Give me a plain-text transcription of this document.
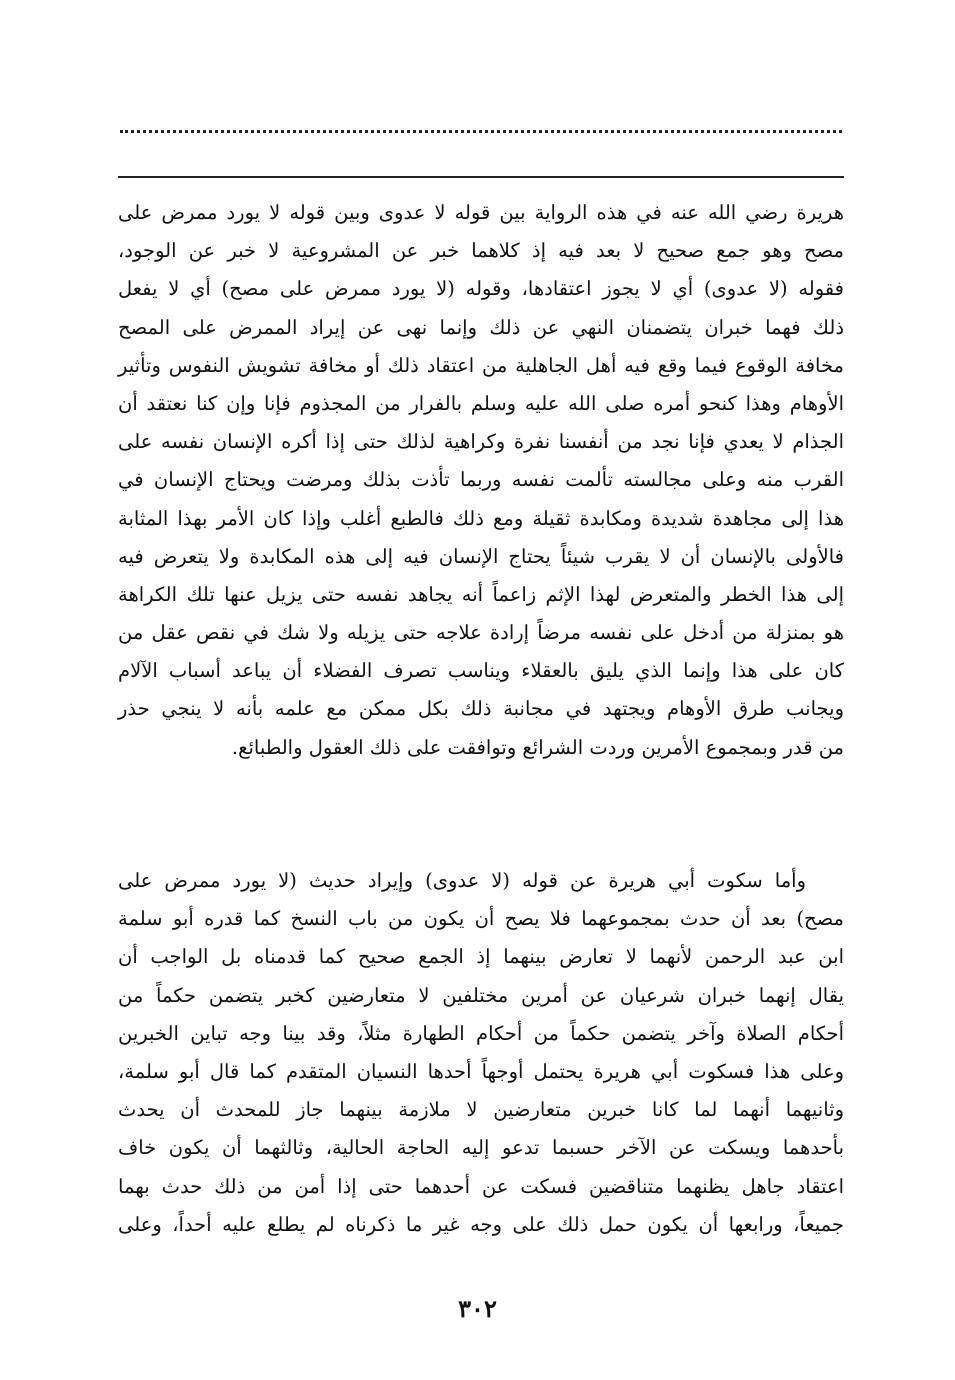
هريرة رضي الله عنه في هذه الرواية بين قوله لا عدوى وبين قوله لا يورد ممرض على
مصح وهو جمع صحيح لا بعد فيه إذ كلاهما خبر عن المشروعية لا خبر عن الوجود،
فقوله (لا عدوى) أي لا يجوز اعتقادها، وقوله (لا يورد ممرض على مصح) أي لا يفعل
ذلك فهما خبران يتضمنان النهي عن ذلك وإنما نهى عن إيراد الممرض على المصح
مخافة الوقوع فيما وقع فيه أهل الجاهلية من اعتقاد ذلك أو مخافة تشويش النفوس وتأثير
الأوهام وهذا كنحو أمره صلى الله عليه وسلم بالفرار من المجذوم فإنا وإن كنا نعتقد أن
الجذام لا يعدي فإنا نجد من أنفسنا نفرة وكراهية لذلك حتى إذا أكره الإنسان نفسه على
القرب منه وعلى مجالسته تألمت نفسه وربما تأذت بذلك ومرضت ويحتاج الإنسان في
هذا إلى مجاهدة شديدة ومكابدة ثقيلة ومع ذلك فالطبع أغلب وإذا كان الأمر بهذا المثابة
فالأولى بالإنسان أن لا يقرب شيئاً يحتاج الإنسان فيه إلى هذه المكابدة ولا يتعرض فيه
إلى هذا الخطر والمتعرض لهذا الإثم زاعماً أنه يجاهد نفسه حتى يزيل عنها تلك الكراهة
هو بمنزلة من أدخل على نفسه مرضاً إرادة علاجه حتى يزيله ولا شك في نقص عقل من
كان على هذا وإنما الذي يليق بالعقلاء ويناسب تصرف الفضلاء أن يباعد أسباب الآلام
ويجانب طرق الأوهام ويجتهد في مجانبة ذلك بكل ممكن مع علمه بأنه لا ينجي حذر
من قدر وبمجموع الأمرين وردت الشرائع وتوافقت على ذلك العقول والطبائع.
وأما سكوت أبي هريرة عن قوله (لا عدوى) وإيراد حديث (لا يورد ممرض على
مصح) بعد أن حدث بمجموعهما فلا يصح أن يكون من باب النسخ كما قدره أبو سلمة
ابن عبد الرحمن لأنهما لا تعارض بينهما إذ الجمع صحيح كما قدمناه بل الواجب أن
يقال إنهما خبران شرعيان عن أمرين مختلفين لا متعارضين كخبر يتضمن حكماً من
أحكام الصلاة وآخر يتضمن حكماً من أحكام الطهارة مثلاً، وقد بينا وجه تباين الخبرين
وعلى هذا فسكوت أبي هريرة يحتمل أوجهاً أحدها النسيان المتقدم كما قال أبو سلمة،
وثانيهما أنهما لما كانا خبرين متعارضين لا ملازمة بينهما جاز للمحدث أن يحدث
بأحدهما ويسكت عن الآخر حسبما تدعو إليه الحاجة الحالية، وثالثهما أن يكون خاف
اعتقاد جاهل يظنهما متناقضين فسكت عن أحدهما حتى إذا أمن من ذلك حدث بهما
جميعاً، ورابعها أن يكون حمل ذلك على وجه غير ما ذكرناه لم يطلع عليه أحداً، وعلى
٣٠٢
